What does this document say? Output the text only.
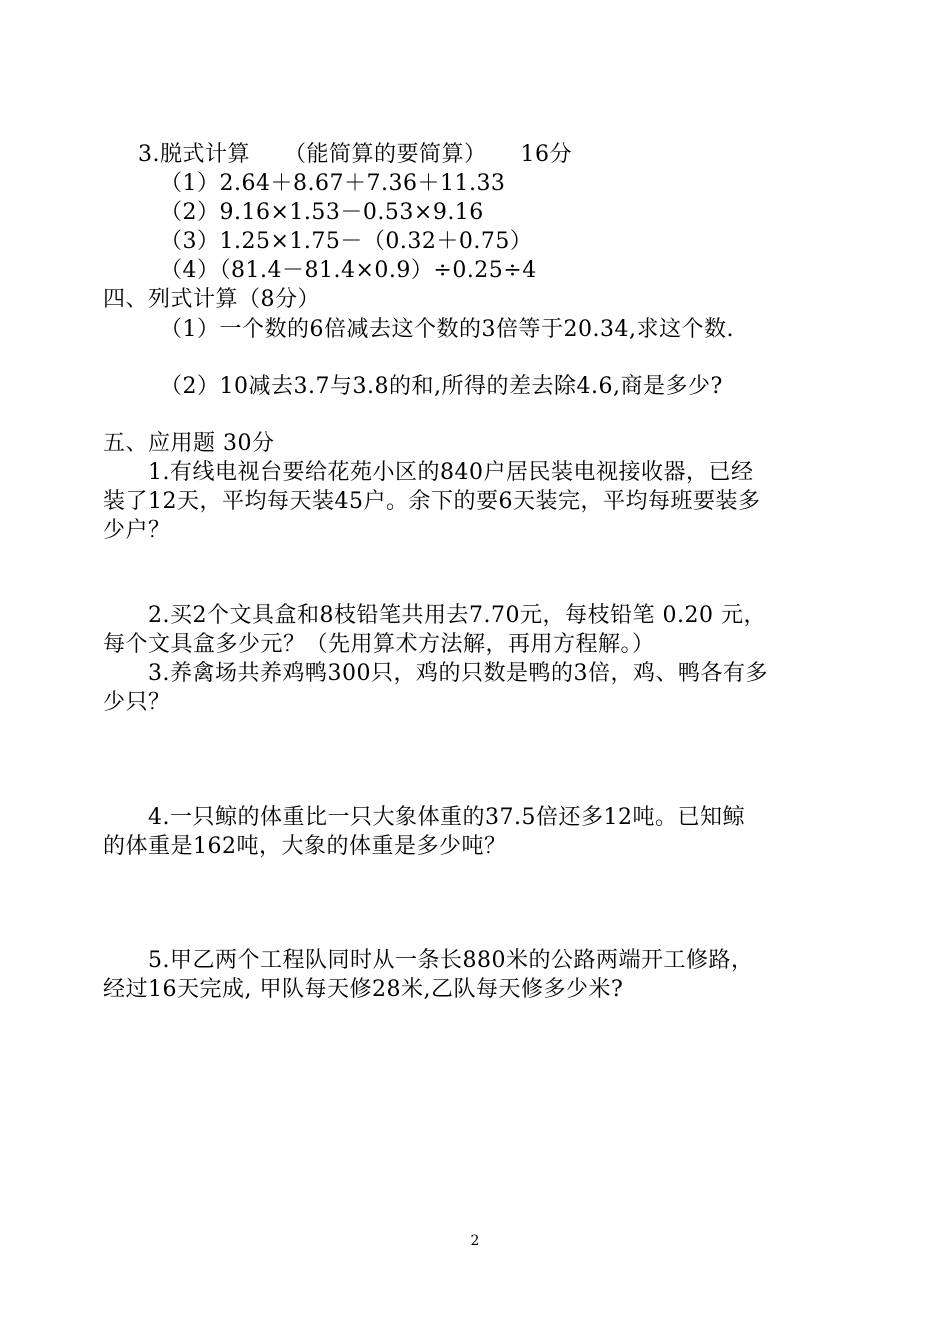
3.脱式计算　　（能简算的要简算）　　16分
（1）2.64＋8.67＋7.36＋11.33
（2）9.16×1.53－0.53×9.16
（3）1.25×1.75－（0.32＋0.75）
（4）（81.4－81.4×0.9）÷0.25÷4
四、列式计算（8分）
（1）一个数的6倍减去这个数的3倍等于20.34,求这个数.
（2）10减去3.7与3.8的和,所得的差去除4.6,商是多少?
五、应用题 30分
1.有线电视台要给花苑小区的840户居民装电视接收器，已经
装了12天，平均每天装45户。余下的要6天装完，平均每班要装多
少户？
2.买2个文具盒和8枝铅笔共用去7.70元，每枝铅笔 0.20 元，
每个文具盒多少元？（先用算术方法解，再用方程解。）
3.养禽场共养鸡鸭300只，鸡的只数是鸭的3倍，鸡、鸭各有多
少只？
4.一只鲸的体重比一只大象体重的37.5倍还多12吨。已知鲸
的体重是162吨，大象的体重是多少吨？
5.甲乙两个工程队同时从一条长880米的公路两端开工修路，
经过16天完成, 甲队每天修28米,乙队每天修多少米?
2
